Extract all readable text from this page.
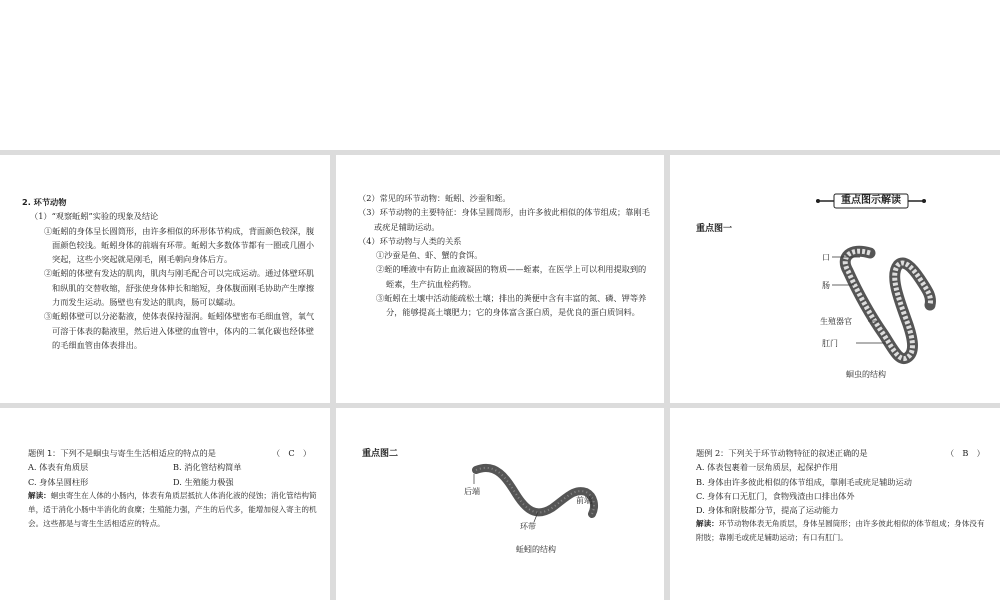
2. 环节动物

（1）“观察蚯蚓”实验的现象及结论

①蚯蚓的身体呈长圆筒形，由许多相似的环形体节构成，背面颜色较深，腹面颜色较浅。蚯蚓身体的前端有环带。蚯蚓大多数体节都有一圈或几圈小突起，这些小突起就是刚毛，刚毛朝向身体后方。

②蚯蚓的体壁有发达的肌肉，肌肉与刚毛配合可以完成运动。通过体壁环肌和纵肌的交替收缩，舒张使身体伸长和缩短，身体腹面刚毛协助产生摩擦力而发生运动。肠壁也有发达的肌肉，肠可以蠕动。

③蚯蚓体壁可以分泌黏液，使体表保持湿润。蚯蚓体壁密布毛细血管，氧气可溶于体表的黏液里，然后进入体壁的血管中，体内的二氧化碳也经体壁的毛细血管由体表排出。

（2）常见的环节动物：蚯蚓、沙蚕和蛭。

（3）环节动物的主要特征：身体呈圆筒形，由许多彼此相似的体节组成；靠刚毛或疣足辅助运动。

（4）环节动物与人类的关系

①沙蚕是鱼、虾、蟹的食饵。

②蛭的唾液中有防止血液凝固的物质——蛭素，在医学上可以利用提取到的蛭素，生产抗血栓药物。

③蚯蚓在土壤中活动能疏松土壤；排出的粪便中含有丰富的氮、磷、钾等养分，能够提高土壤肥力；它的身体富含蛋白质，是优良的蛋白质饲料。

重点图示解读
重点图一
口
肠
生殖器官
肛门
蛔虫的结构
题例 1：下列不是蛔虫与寄生生活相适应的特点的是	（　C　）
A. 体表有角质层	B. 消化管结构简单
C. 身体呈圆柱形	D. 生殖能力极强

解读：蛔虫寄生在人体的小肠内，体表有角质层抵抗人体消化液的侵蚀；消化管结构简单，适于消化小肠中半消化的食糜；生殖能力强，产生的后代多，能增加侵入寄主的机会。这些都是与寄生生活相适应的特点。

重点图二
后端
前端
环带
蚯蚓的结构
题例 2：下列关于环节动物特征的叙述正确的是	（　B　）

A. 体表包裹着一层角质层，起保护作用

B. 身体由许多彼此相似的体节组成，靠刚毛或疣足辅助运动

C. 身体有口无肛门，食物残渣由口排出体外

D. 身体和附肢都分节，提高了运动能力

解读：环节动物体表无角质层，身体呈圆筒形；由许多彼此相似的体节组成；身体没有附肢；靠刚毛或疣足辅助运动；有口有肛门。
